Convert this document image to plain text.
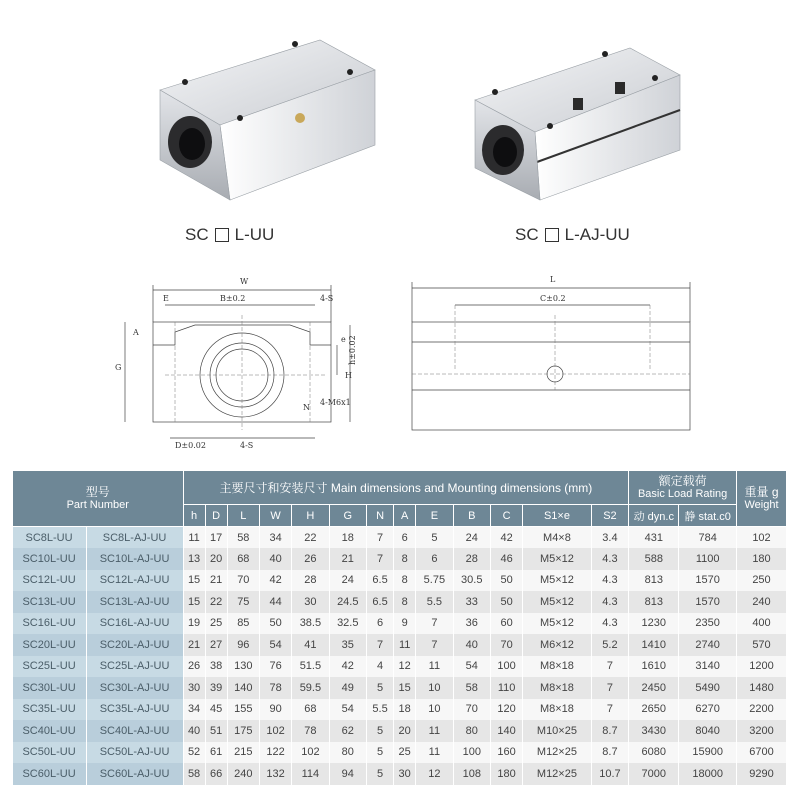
SC L-UU	SC L-AJ-UU
W
B±0.2
E	4-S
G
A
e h±0.02
H
N
4-M6x1
D±0.02	4-S
L
C±0.2
型号
Part Number		主要尺寸和安装尺寸 Main dimensions and Mounting dimensions (mm)													额定载荷
Basic Load Rating		重量 g
Weight

		h	D	L	W	H	G	N	A	E	B	C	S1×e	S2	动 dyn.c	静 stat.c0	
SC8L-UU	SC8L-AJ-UU	11	17	58	34	22	18	7	6	5	24	42	M4×8	3.4	431	784	102
SC10L-UU	SC10L-AJ-UU	13	20	68	40	26	21	7	8	6	28	46	M5×12	4.3	588	1100	180
SC12L-UU	SC12L-AJ-UU	15	21	70	42	28	24	6.5	8	5.75	30.5	50	M5×12	4.3	813	1570	250
SC13L-UU	SC13L-AJ-UU	15	22	75	44	30	24.5	6.5	8	5.5	33	50	M5×12	4.3	813	1570	240
SC16L-UU	SC16L-AJ-UU	19	25	85	50	38.5	32.5	6	9	7	36	60	M5×12	4.3	1230	2350	400
SC20L-UU	SC20L-AJ-UU	21	27	96	54	41	35	7	11	7	40	70	M6×12	5.2	1410	2740	570
SC25L-UU	SC25L-AJ-UU	26	38	130	76	51.5	42	4	12	11	54	100	M8×18	7	1610	3140	1200
SC30L-UU	SC30L-AJ-UU	30	39	140	78	59.5	49	5	15	10	58	110	M8×18	7	2450	5490	1480
SC35L-UU	SC35L-AJ-UU	34	45	155	90	68	54	5.5	18	10	70	120	M8×18	7	2650	6270	2200
SC40L-UU	SC40L-AJ-UU	40	51	175	102	78	62	5	20	11	80	140	M10×25	8.7	3430	8040	3200
SC50L-UU	SC50L-AJ-UU	52	61	215	122	102	80	5	25	11	100	160	M12×25	8.7	6080	15900	6700
SC60L-UU	SC60L-AJ-UU	58	66	240	132	114	94	5	30	12	108	180	M12×25	10.7	7000	18000	9290
